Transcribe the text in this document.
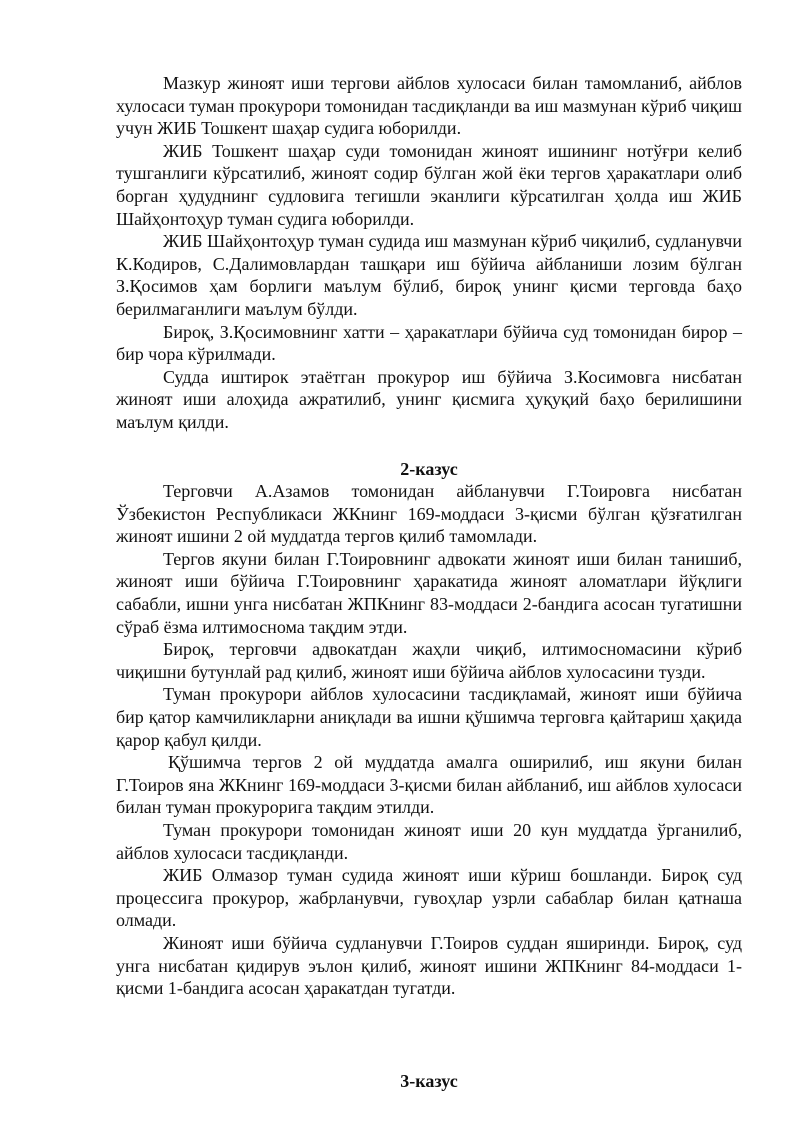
Мазкур жиноят иши тергови айблов хулосаси билан тамомланиб, айблов хулосаси туман прокурори томонидан тасдиқланди ва иш мазмунан кўриб чиқиш учун ЖИБ Тошкент шаҳар судига юборилди.

ЖИБ Тошкент шаҳар суди томонидан жиноят ишининг нотўғри келиб тушганлиги кўрсатилиб, жиноят содир бўлган жой ёки тергов ҳаракатлари олиб борган ҳудуднинг судловига тегишли эканлиги кўрсатилган ҳолда иш ЖИБ Шайҳонтоҳур туман судига юборилди.

ЖИБ Шайҳонтоҳур туман судида иш мазмунан кўриб чиқилиб, судланувчи К.Кодиров, С.Далимовлардан ташқари иш бўйича айбланиши лозим бўлган З.Қосимов ҳам борлиги маълум бўлиб, бироқ унинг қисми терговда баҳо берилмаганлиги маълум бўлди.

Бироқ, З.Қосимовнинг хатти – ҳаракатлари бўйича суд томонидан бирор – бир чора кўрилмади.

Судда иштирок этаётган прокурор иш бўйича З.Косимовга нисбатан жиноят иши алоҳида ажратилиб, унинг қисмига ҳуқуқий баҳо берилишини маълум қилди.

2-казус

Терговчи А.Азамов томонидан айбланувчи Г.Тоировга нисбатан Ўзбекистон Республикаси ЖКнинг 169-моддаси 3-қисми бўлган қўзғатилган жиноят ишини 2 ой муддатда тергов қилиб тамомлади.

Тергов якуни билан Г.Тоировнинг адвокати жиноят иши билан танишиб, жиноят иши бўйича Г.Тоировнинг ҳаракатида жиноят аломатлари йўқлиги сабабли, ишни унга нисбатан ЖПКнинг 83-моддаси 2-бандига асосан тугатишни сўраб ёзма илтимоснома тақдим этди.

Бироқ, терговчи адвокатдан жаҳли чиқиб, илтимосномасини кўриб чиқишни бутунлай рад қилиб, жиноят иши бўйича айблов хулосасини тузди.

Туман прокурори айблов хулосасини тасдиқламай, жиноят иши бўйича бир қатор камчиликларни аниқлади ва ишни қўшимча терговга қайтариш ҳақида қарор қабул қилди.

Қўшимча тергов 2 ой муддатда амалга оширилиб, иш якуни билан Г.Тоиров яна ЖКнинг 169-моддаси 3-қисми билан айбланиб, иш айблов хулосаси билан туман прокурорига тақдим этилди.

Туман прокурори томонидан жиноят иши 20 кун муддатда ўрганилиб, айблов хулосаси тасдиқланди.

ЖИБ Олмазор туман судида жиноят иши кўриш бошланди. Бироқ суд процессига прокурор, жабрланувчи, гувоҳлар узрли сабаблар билан қатнаша олмади.

Жиноят иши бўйича судланувчи Г.Тоиров суддан яширинди. Бироқ, суд унга нисбатан қидирув эълон қилиб, жиноят ишини ЖПКнинг 84-моддаси 1-қисми 1-бандига асосан ҳаракатдан тугатди.

3-казус
